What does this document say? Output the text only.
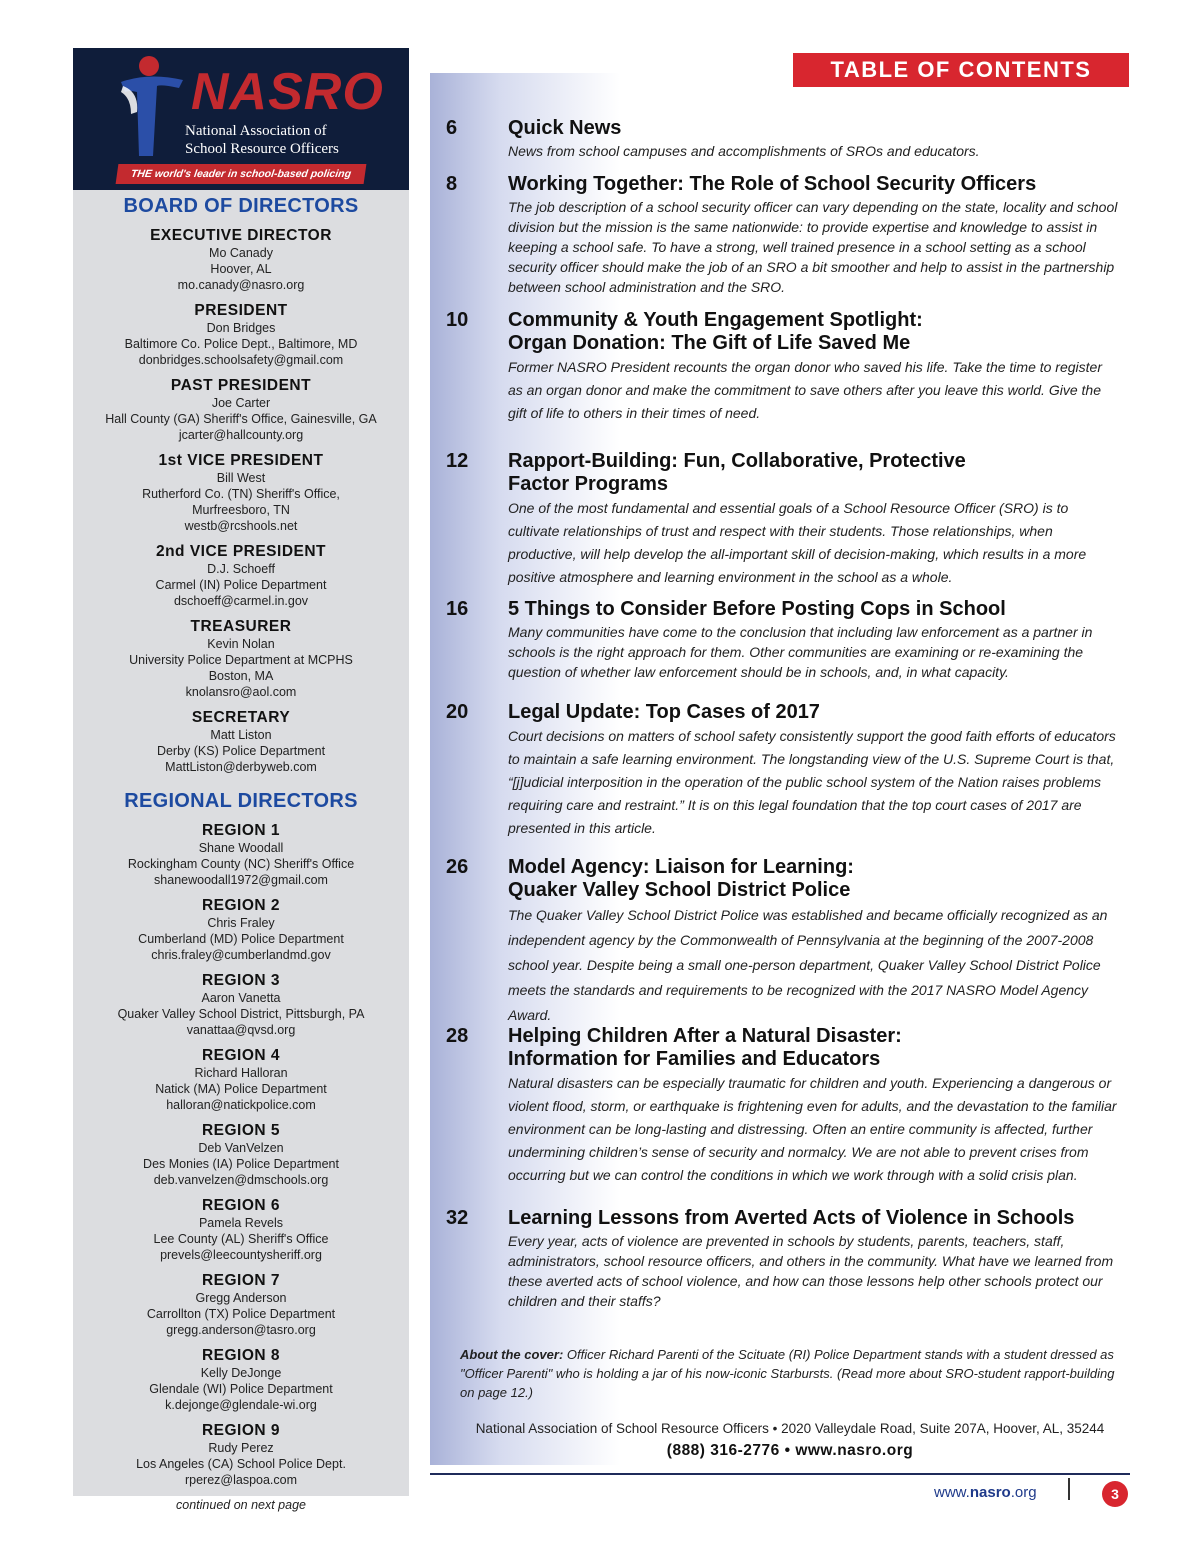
NASRO
National Association of
School Resource Officers
THE world's leader in school-based policing
BOARD OF DIRECTORS
EXECUTIVE DIRECTOR
Mo Canady
Hoover, AL
mo.canady@nasro.org
PRESIDENT
Don Bridges
Baltimore Co. Police Dept., Baltimore, MD
donbridges.schoolsafety@gmail.com
PAST PRESIDENT
Joe Carter
Hall County (GA) Sheriff's Office, Gainesville, GA
jcarter@hallcounty.org
1st VICE PRESIDENT
Bill West
Rutherford Co. (TN) Sheriff's Office,
Murfreesboro, TN
westb@rcshools.net
2nd VICE PRESIDENT
D.J. Schoeff
Carmel (IN) Police Department
dschoeff@carmel.in.gov
TREASURER
Kevin Nolan
University Police Department at MCPHS
Boston, MA
knolansro@aol.com
SECRETARY
Matt Liston
Derby (KS) Police Department
MattListon@derbyweb.com
REGIONAL DIRECTORS
REGION 1
Shane Woodall
Rockingham County (NC) Sheriff's Office
shanewoodall1972@gmail.com
REGION 2
Chris Fraley
Cumberland (MD) Police Department
chris.fraley@cumberlandmd.gov
REGION 3
Aaron Vanetta
Quaker Valley School District, Pittsburgh, PA
vanattaa@qvsd.org
REGION 4
Richard Halloran
Natick (MA) Police Department
halloran@natickpolice.com
REGION 5
Deb VanVelzen
Des Monies (IA) Police Department
deb.vanvelzen@dmschools.org
REGION 6
Pamela Revels
Lee County (AL) Sheriff's Office
prevels@leecountysheriff.org
REGION 7
Gregg Anderson
Carrollton (TX) Police Department
gregg.anderson@tasro.org
REGION 8
Kelly DeJonge
Glendale (WI) Police Department
k.dejonge@glendale-wi.org
REGION 9
Rudy Perez
Los Angeles (CA) School Police Dept.
rperez@laspoa.com
continued on next page
TABLE OF CONTENTS
6	Quick News
News from school campuses and accomplishments of SROs and educators.
8	Working Together: The Role of School Security Officers
The job description of a school security officer can vary depending on the state, locality and school division but the mission is the same nationwide: to provide expertise and knowledge to assist in keeping a school safe. To have a strong, well trained presence in a school setting as a school security officer should make the job of an SRO a bit smoother and help to assist in the partnership between school administration and the SRO.
10 Community & Youth Engagement Spotlight: Organ Donation: The Gift of Life Saved Me
Former NASRO President recounts the organ donor who saved his life. Take the time to register as an organ donor and make the commitment to save others after you leave this world. Give the gift of life to others in their times of need.
12 Rapport-Building: Fun, Collaborative, Protective Factor Programs
One of the most fundamental and essential goals of a School Resource Officer (SRO) is to cultivate relationships of trust and respect with their students. Those relationships, when productive, will help develop the all-important skill of decision-making, which results in a more positive atmosphere and learning environment in the school as a whole.
16 5 Things to Consider Before Posting Cops in School
Many communities have come to the conclusion that including law enforcement as a partner in schools is the right approach for them. Other communities are examining or re-examining the question of whether law enforcement should be in schools, and, in what capacity.
20 Legal Update: Top Cases of 2017
Court decisions on matters of school safety consistently support the good faith efforts of educators to maintain a safe learning environment. The longstanding view of the U.S. Supreme Court is that, “[j]udicial interposition in the operation of the public school system of the Nation raises problems requiring care and restraint.” It is on this legal foundation that the top court cases of 2017 are presented in this article.
26 Model Agency: Liaison for Learning: Quaker Valley School District Police
The Quaker Valley School District Police was established and became officially recognized as an independent agency by the Commonwealth of Pennsylvania at the beginning of the 2007-2008 school year. Despite being a small one-person department, Quaker Valley School District Police meets the standards and requirements to be recognized with the 2017 NASRO Model Agency Award.
28 Helping Children After a Natural Disaster: Information for Families and Educators
Natural disasters can be especially traumatic for children and youth. Experiencing a dangerous or violent flood, storm, or earthquake is frightening even for adults, and the devastation to the familiar environment can be long-lasting and distressing. Often an entire community is affected, further undermining children’s sense of security and normalcy. We are not able to prevent crises from occurring but we can control the conditions in which we work through with a solid crisis plan.
32 Learning Lessons from Averted Acts of Violence in Schools
Every year, acts of violence are prevented in schools by students, parents, teachers, staff, administrators, school resource officers, and others in the community. What have we learned from these averted acts of school violence, and how can those lessons help other schools protect our children and their staffs?
About the cover: Officer Richard Parenti of the Scituate (RI) Police Department stands with a student dressed as "Officer Parenti" who is holding a jar of his now-iconic Starbursts. (Read more about SRO-student rapport-building on page 12.)
National Association of School Resource Officers • 2020 Valleydale Road, Suite 207A, Hoover, AL, 35244
(888) 316-2776 • www.nasro.org
www.nasro.org	3
